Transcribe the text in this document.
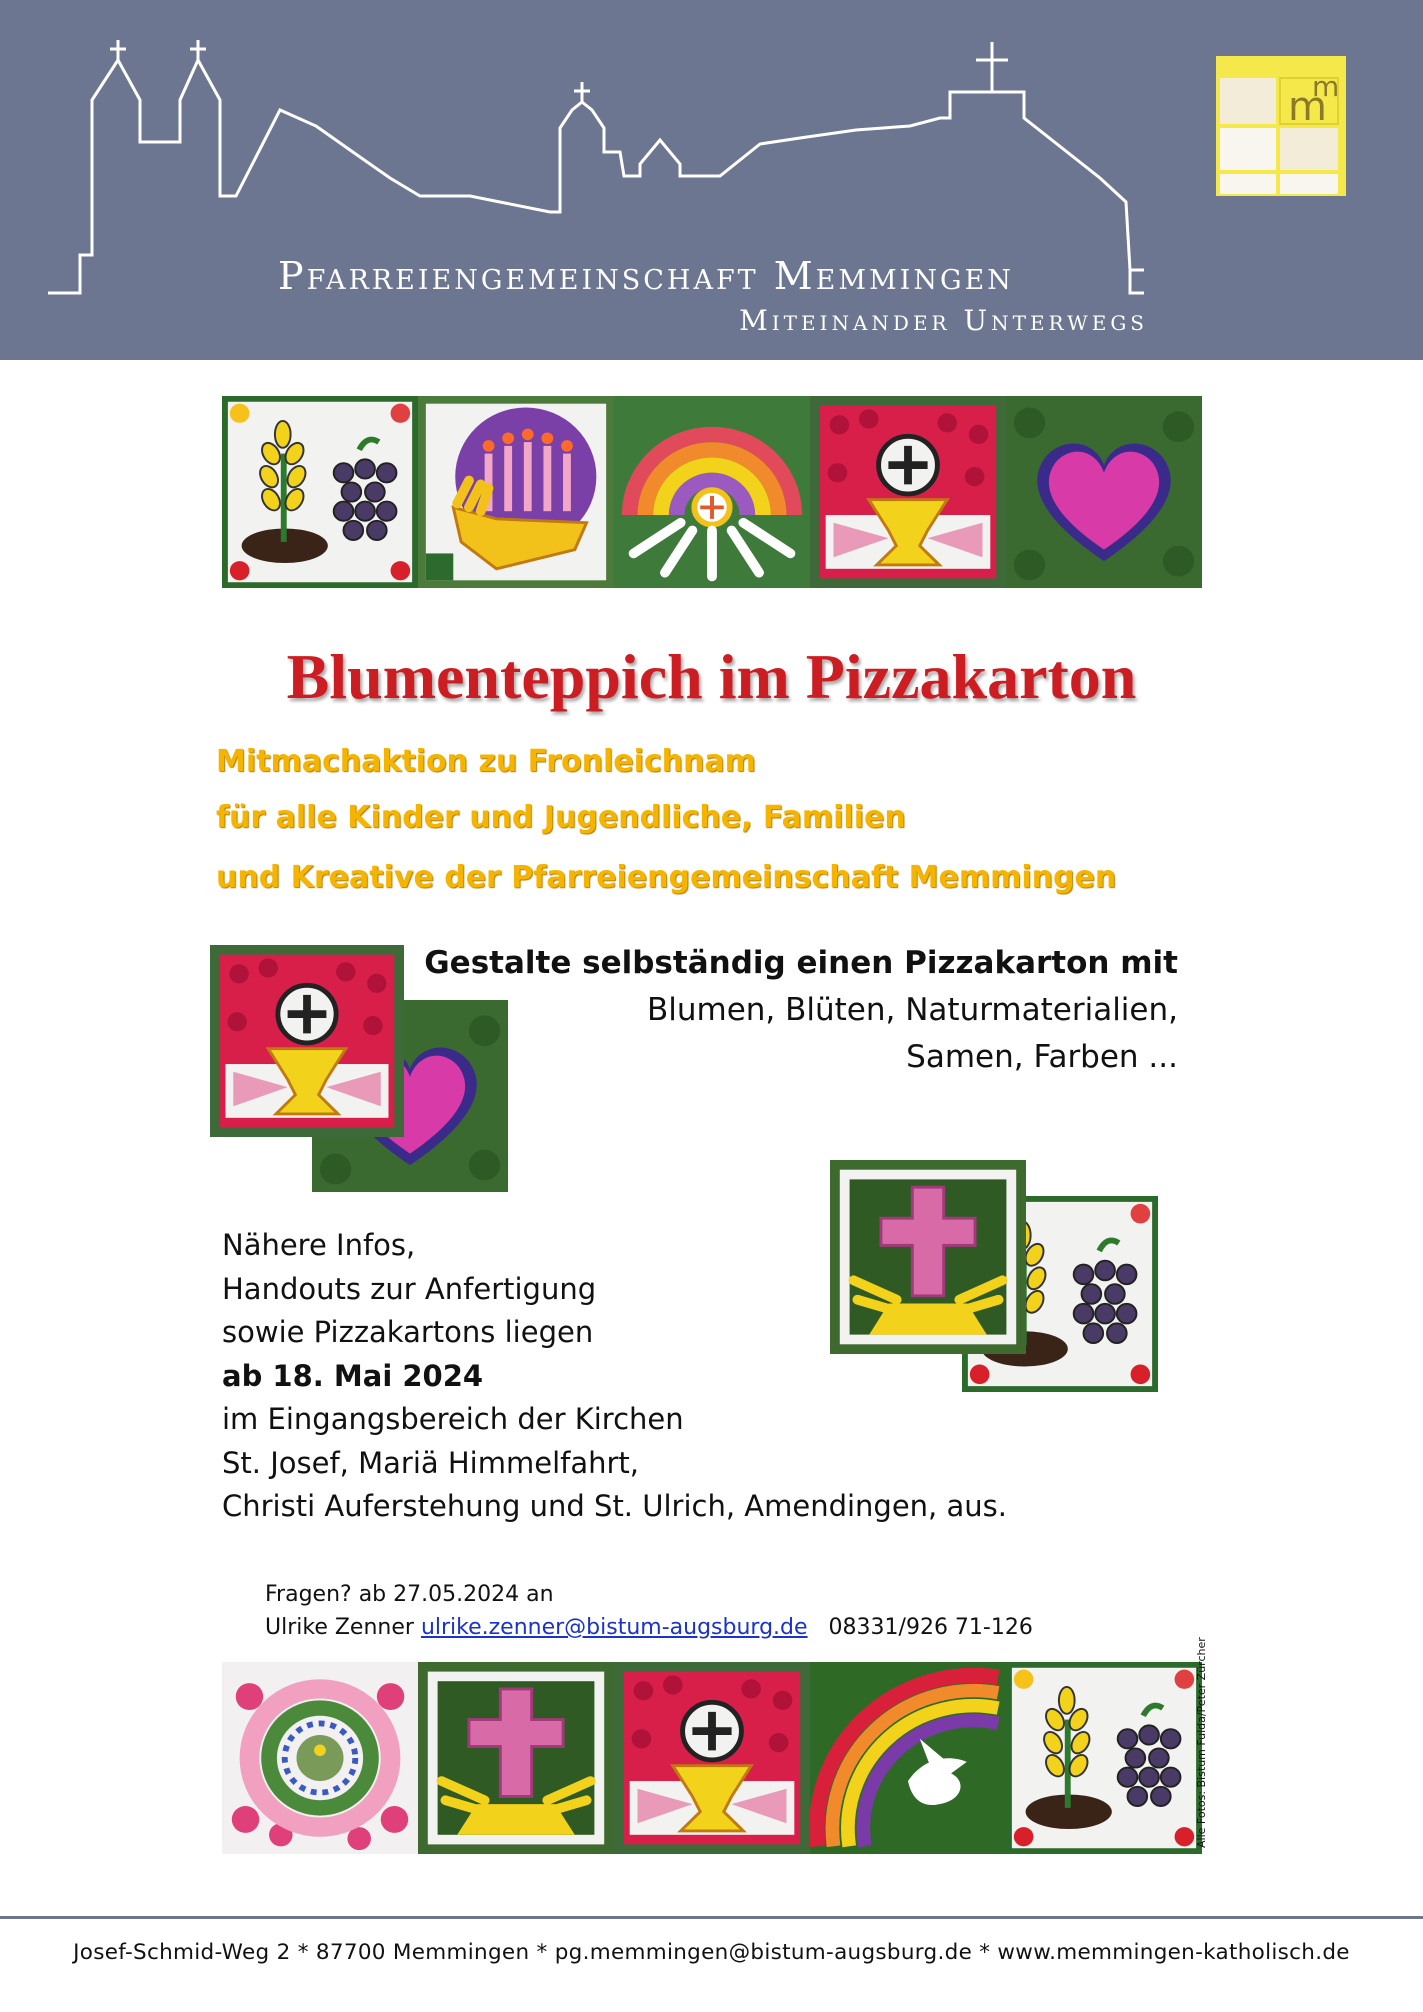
Pfarreiengemeinschaft Memmingen
Miteinander Unterwegs
Blumenteppich im Pizzakarton
Mitmachaktion zu Fronleichnam
für alle Kinder und Jugendliche, Familien
und Kreative der Pfarreiengemeinschaft Memmingen
Gestalte selbständig einen Pizzakarton mit
Blumen, Blüten, Naturmaterialien,
Samen, Farben ...
Nähere Infos,
Handouts zur Anfertigung
sowie Pizzakartons liegen
ab 18. Mai 2024
im Eingangsbereich der Kirchen
St. Josef, Mariä Himmelfahrt,
Christi Auferstehung und St. Ulrich, Amendingen, aus.
Fragen? ab 27.05.2024 an
Ulrike Zenner ulrike.zenner@bistum-augsburg.de 08331/926 71-126
Alle Fotos: Bistum Fulda/Peter Zürcher
Josef-Schmid-Weg 2 * 87700 Memmingen * pg.memmingen@bistum-augsburg.de * www.memmingen-katholisch.de
